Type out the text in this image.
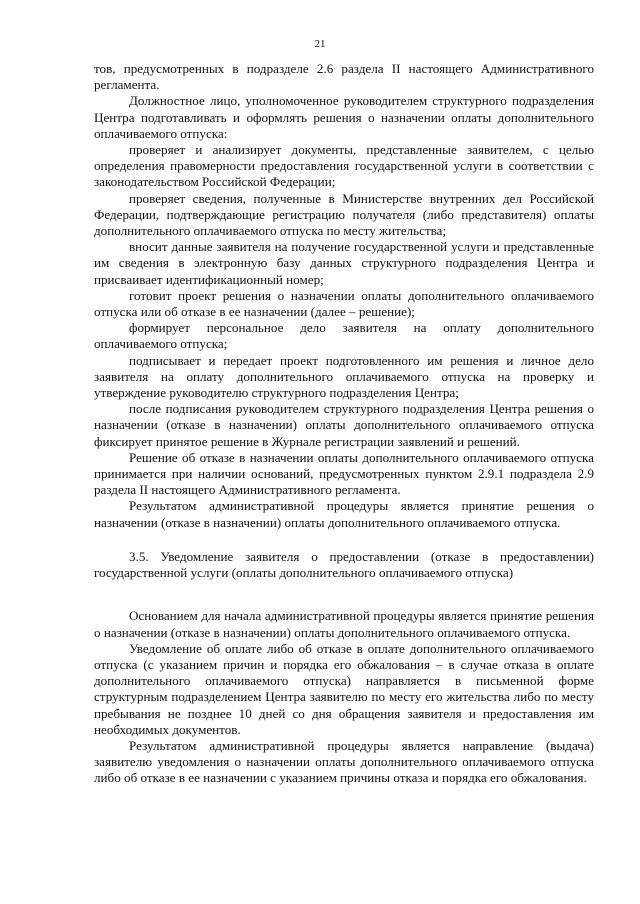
21

тов, предусмотренных в подразделе 2.6 раздела II настоящего Административного регламента.

Должностное лицо, уполномоченное руководителем структурного подразделения Центра подготавливать и оформлять решения о назначении оплаты дополнительного оплачиваемого отпуска:

проверяет и анализирует документы, представленные заявителем, с целью определения правомерности предоставления государственной услуги в соответствии с законодательством Российской Федерации;

проверяет сведения, полученные в Министерстве внутренних дел Российской Федерации, подтверждающие регистрацию получателя (либо представителя) оплаты дополнительного оплачиваемого отпуска по месту жительства;

вносит данные заявителя на получение государственной услуги и представленные им сведения в электронную базу данных структурного подразделения Центра и присваивает идентификационный номер;

готовит проект решения о назначении оплаты дополнительного оплачиваемого отпуска или об отказе в ее назначении (далее – решение);

формирует персональное дело заявителя на оплату дополнительного оплачиваемого отпуска;

подписывает и передает проект подготовленного им решения и личное дело заявителя на оплату дополнительного оплачиваемого отпуска на проверку и утверждение руководителю структурного подразделения Центра;

после подписания руководителем структурного подразделения Центра решения о назначении (отказе в назначении) оплаты дополнительного оплачиваемого отпуска фиксирует принятое решение в Журнале регистрации заявлений и решений.

Решение об отказе в назначении оплаты дополнительного оплачиваемого отпуска принимается при наличии оснований, предусмотренных пунктом 2.9.1 подраздела 2.9 раздела II настоящего Административного регламента.

Результатом административной процедуры является принятие решения о назначении (отказе в назначении) оплаты дополнительного оплачиваемого отпуска.

3.5. Уведомление заявителя о предоставлении (отказе в предоставлении) государственной услуги (оплаты дополнительного оплачиваемого отпуска)

Основанием для начала административной процедуры является принятие решения о назначении (отказе в назначении) оплаты дополнительного оплачиваемого отпуска.

Уведомление об оплате либо об отказе в оплате дополнительного оплачиваемого отпуска (с указанием причин и порядка его обжалования – в случае отказа в оплате дополнительного оплачиваемого отпуска) направляется в письменной форме структурным подразделением Центра заявителю по месту его жительства либо по месту пребывания не позднее 10 дней со дня обращения заявителя и предоставления им необходимых документов.

Результатом административной процедуры является направление (выдача) заявителю уведомления о назначении оплаты дополнительного оплачиваемого отпуска либо об отказе в ее назначении с указанием причины отказа и порядка его обжалования.
